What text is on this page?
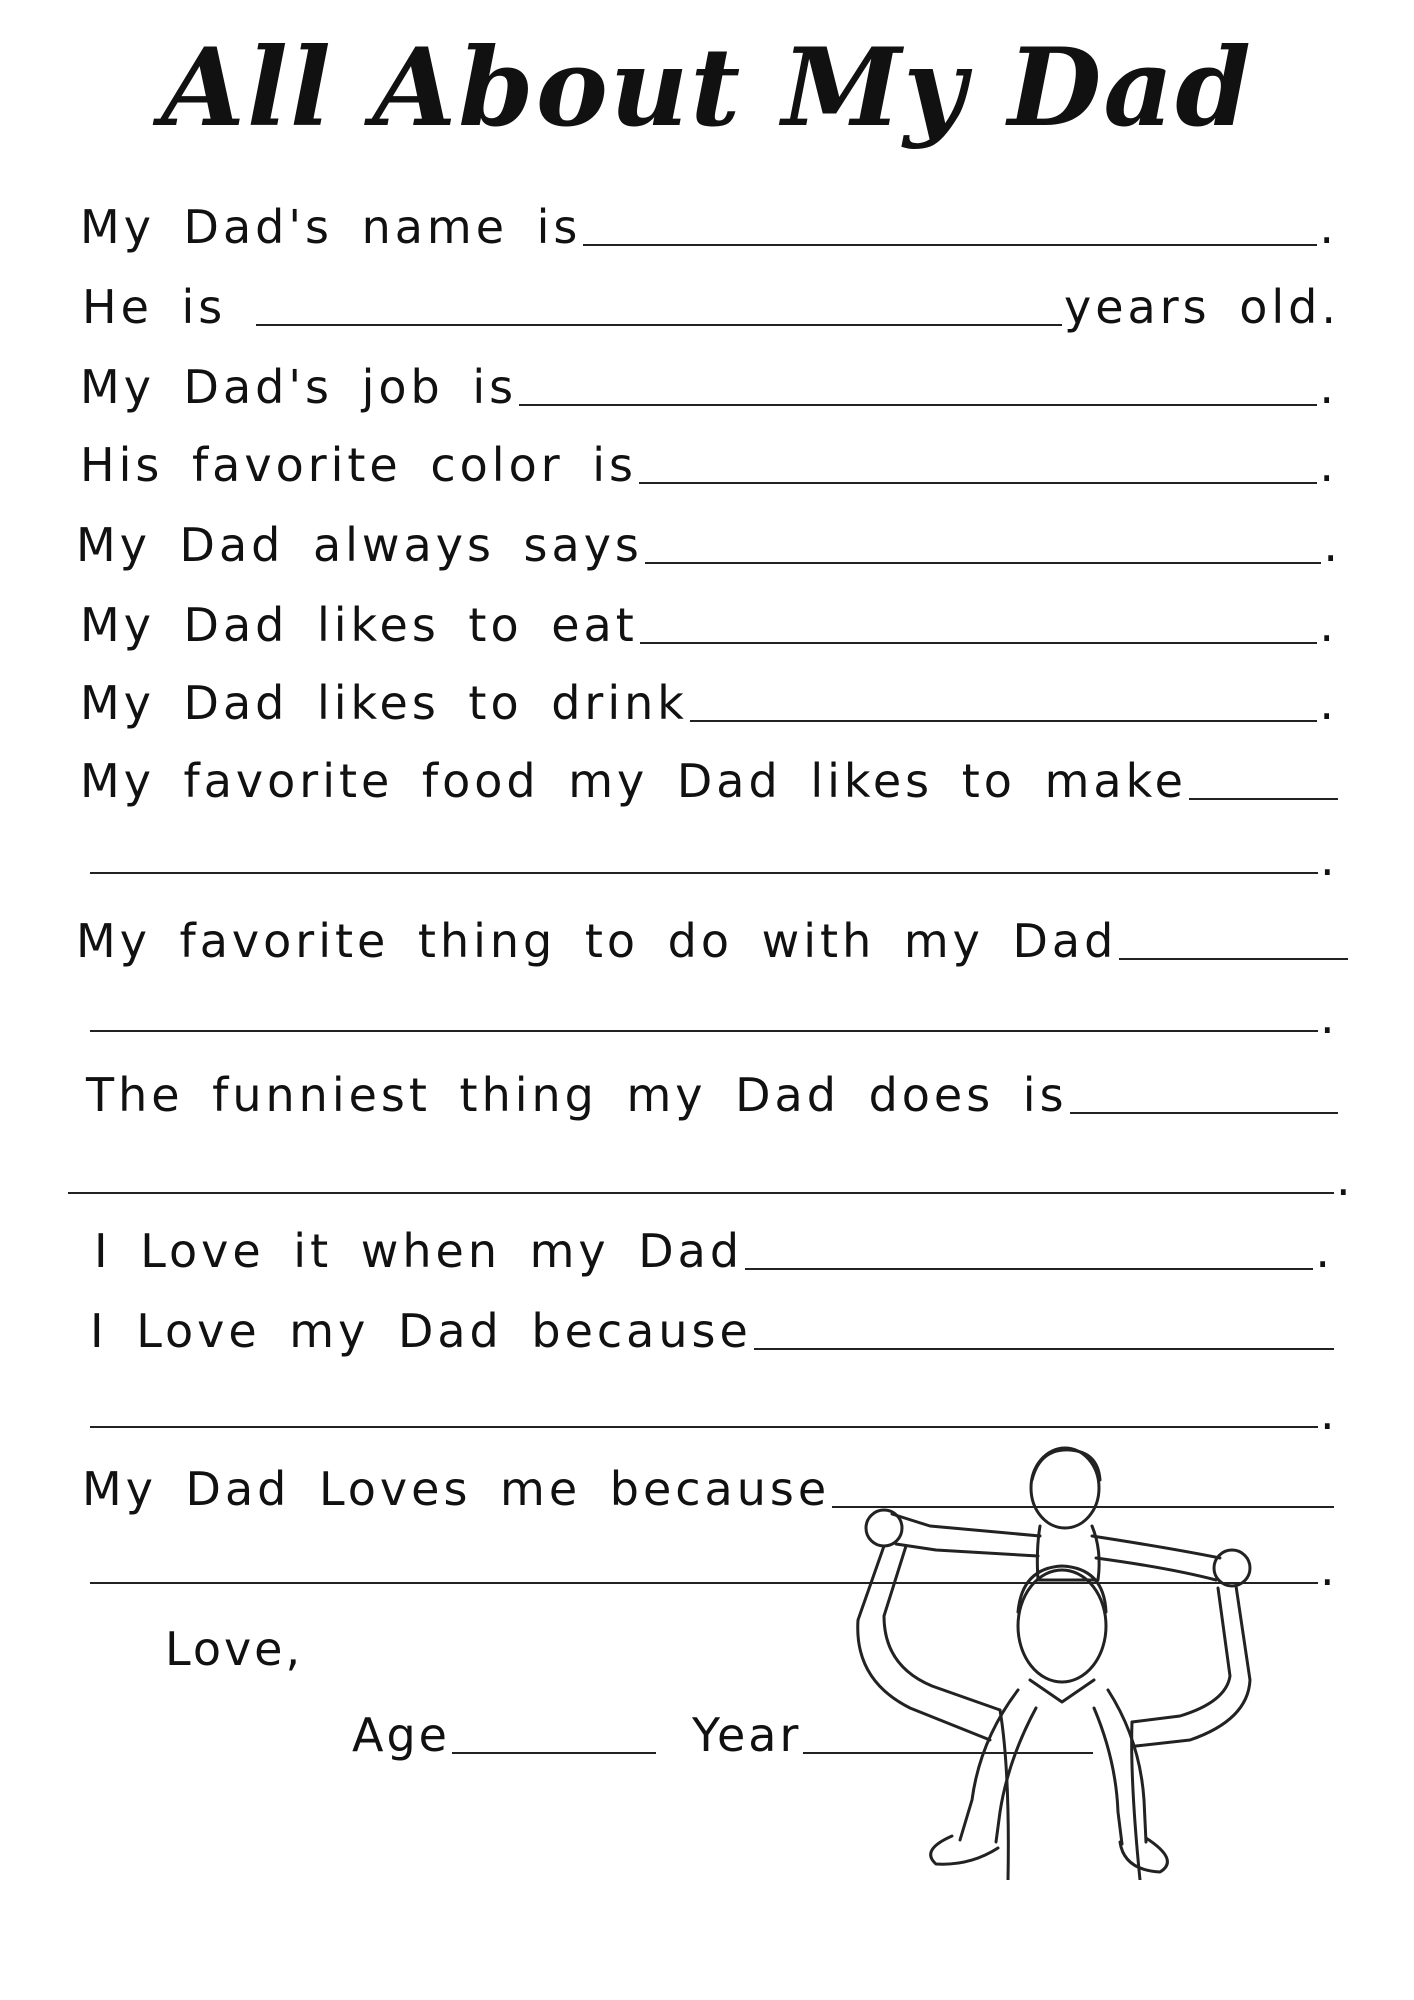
All About My Dad
My Dad's name is	.
He is	years old.
My Dad's job is	.
His favorite color is	.
My Dad always says	.
My Dad likes to eat	.
My Dad likes to drink	.
My favorite food my Dad likes to make
.
My favorite thing to do with my Dad
.
The funniest thing my Dad does is
.
I Love it when my Dad	.
I Love my Dad because
.
My Dad Loves me because
.
Love,
Age	Year
